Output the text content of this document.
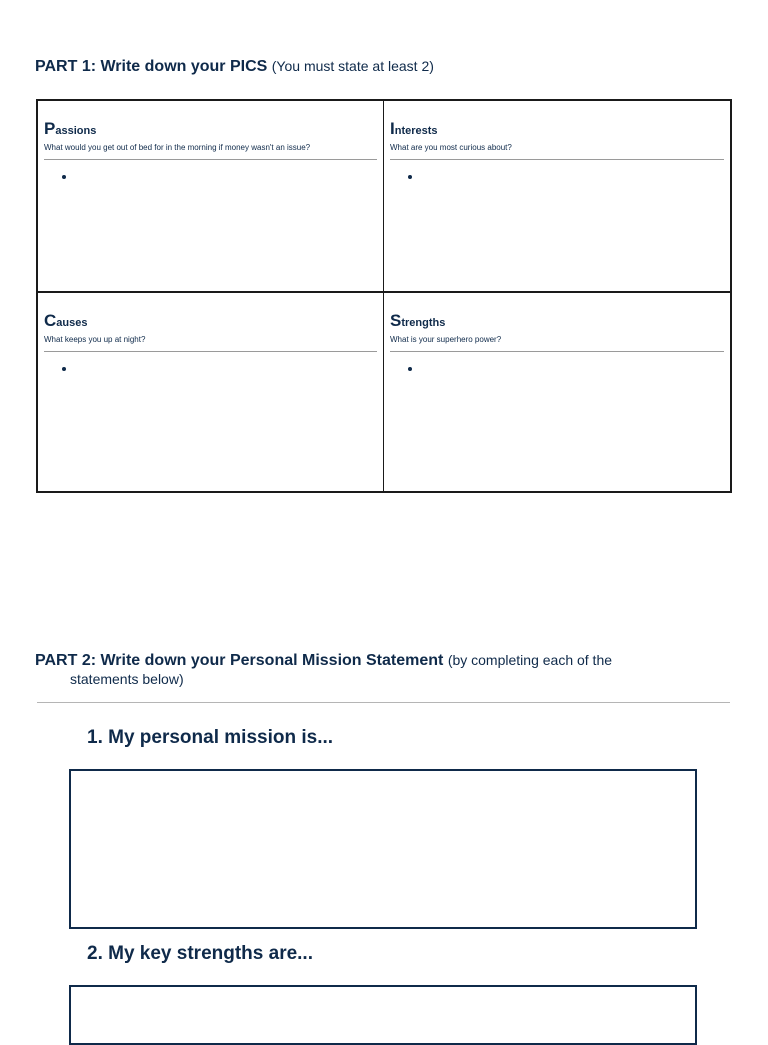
PART 1: Write down your PICS (You must state at least 2)
Passions
What would you get out of bed for in the morning if money wasn't an issue?
Interests
What are you most curious about?
Causes
What keeps you up at night?
Strengths
What is your superhero power?
PART 2: Write down your Personal Mission Statement (by completing each of the
statements below)
1. My personal mission is...
2. My key strengths are...
